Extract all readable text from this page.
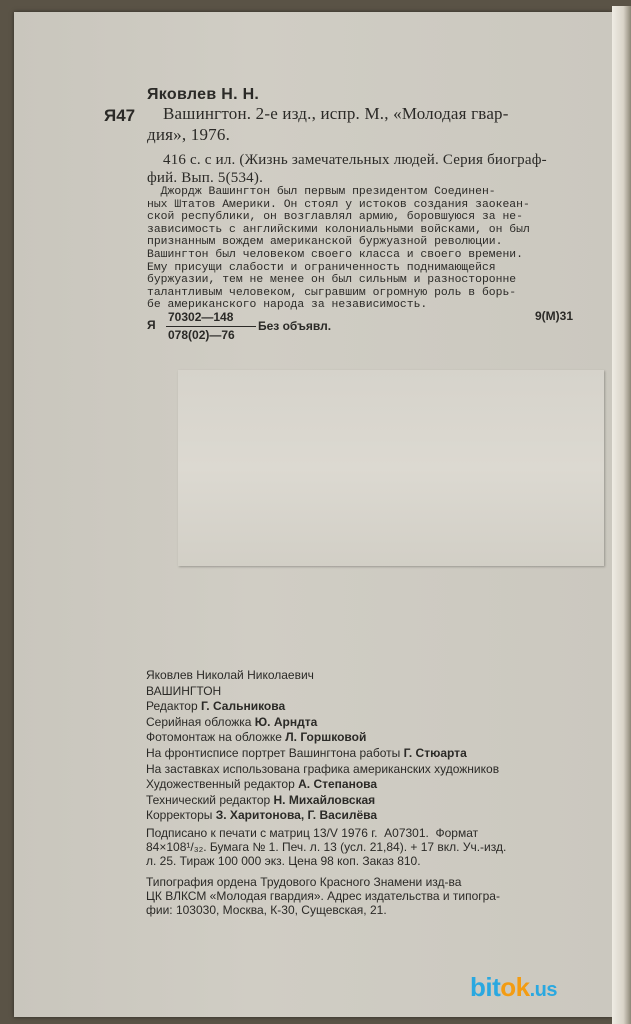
Яковлев Н. Н.
Я47 Вашингтон. 2-е изд., испр. М., «Молодая гвар-
дия», 1976.
416 с. с ил. (Жизнь замечательных людей. Серия биограф-
фий. Вып. 5(534).
Джордж Вашингтон был первым президентом Соединен-
ных Штатов Америки. Он стоял у истоков создания заокеан-
ской республики, он возглавлял армию, боровшуюся за не-
зависимость с английскими колониальными войсками, он был
признанным вождем американской буржуазной революции.
Вашингтон был человеком своего класса и своего времени.
Ему присущи слабости и ограниченность поднимающейся
буржуазии, тем не менее он был сильным и разносторонне
талантливым человеком, сыгравшим огромную роль в борь-
бе американского народа за независимость.
Я
70302—148
078(02)—76
Без объявл.
9(М)31
Яковлев Николай Николаевич
ВАШИНГТОН
Редактор Г. Сальникова
Серийная обложка Ю. Арндта
Фотомонтаж на обложке Л. Горшковой
На фронтисписе портрет Вашингтона работы Г. Стюарта
На заставках использована графика американских художников
Художественный редактор А. Степанова
Технический редактор Н. Михайловская
Корректоры З. Харитонова, Г. Василёва
Подписано к печати с матриц 13/V 1976 г.  А07301.  Формат
84×108¹/₃₂. Бумага № 1. Печ. л. 13 (усл. 21,84). + 17 вкл. Уч.-изд.
л. 25. Тираж 100 000 экз. Цена 98 коп. Заказ 810.
Типография ордена Трудового Красного Знамени изд-ва
ЦК ВЛКСМ «Молодая гвардия». Адрес издательства и типогра-
фии: 103030, Москва, К-30, Сущевская, 21.
bitok.us
